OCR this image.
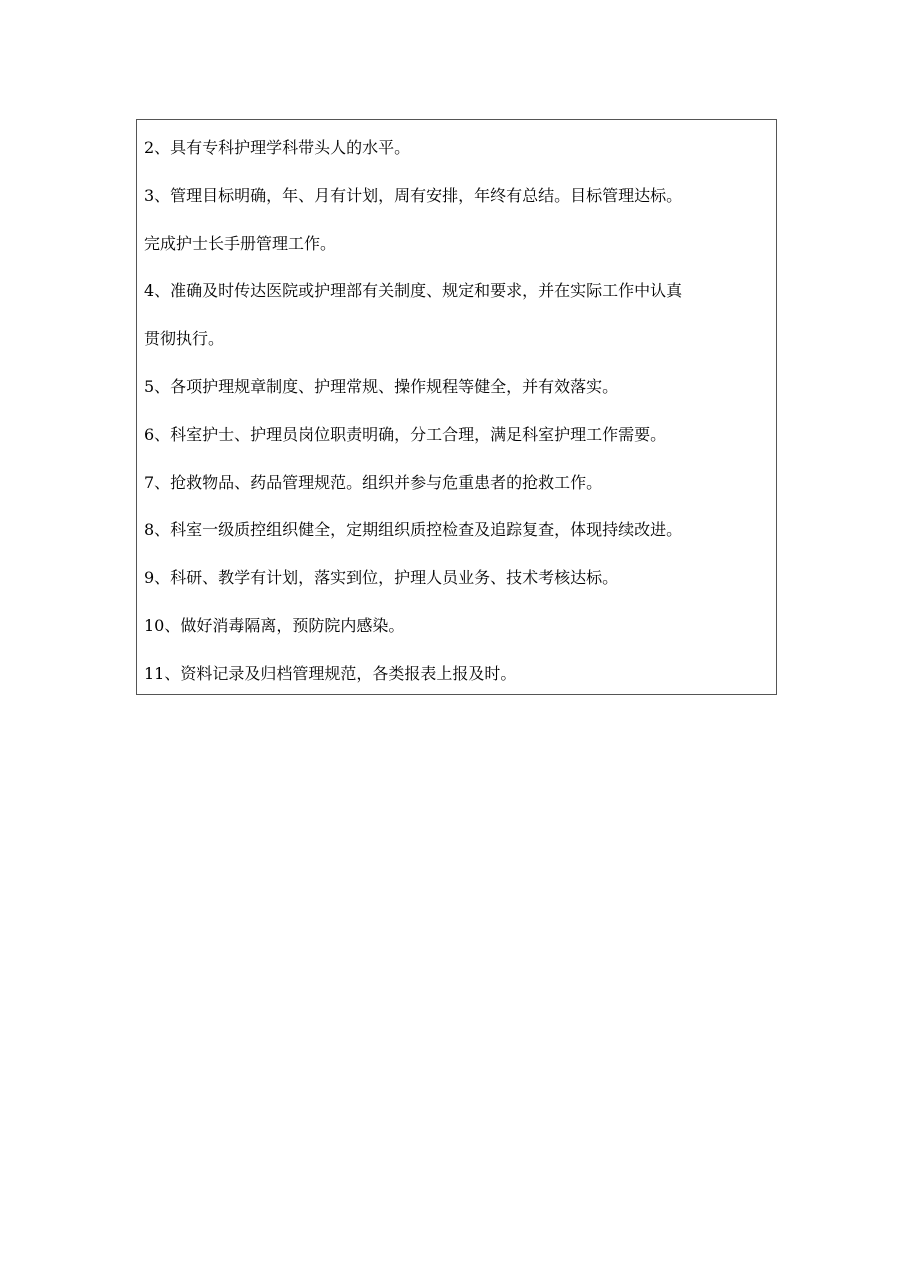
2、具有专科护理学科带头人的水平。
3、管理目标明确，年、月有计划，周有安排，年终有总结。目标管理达标。
完成护士长手册管理工作。
4、准确及时传达医院或护理部有关制度、规定和要求，并在实际工作中认真
贯彻执行。
5、各项护理规章制度、护理常规、操作规程等健全，并有效落实。
6、科室护士、护理员岗位职责明确，分工合理，满足科室护理工作需要。
7、抢救物品、药品管理规范。组织并参与危重患者的抢救工作。
8、科室一级质控组织健全，定期组织质控检查及追踪复查，体现持续改进。
9、科研、教学有计划，落实到位，护理人员业务、技术考核达标。
10、做好消毒隔离，预防院内感染。
11、资料记录及归档管理规范，各类报表上报及时。
